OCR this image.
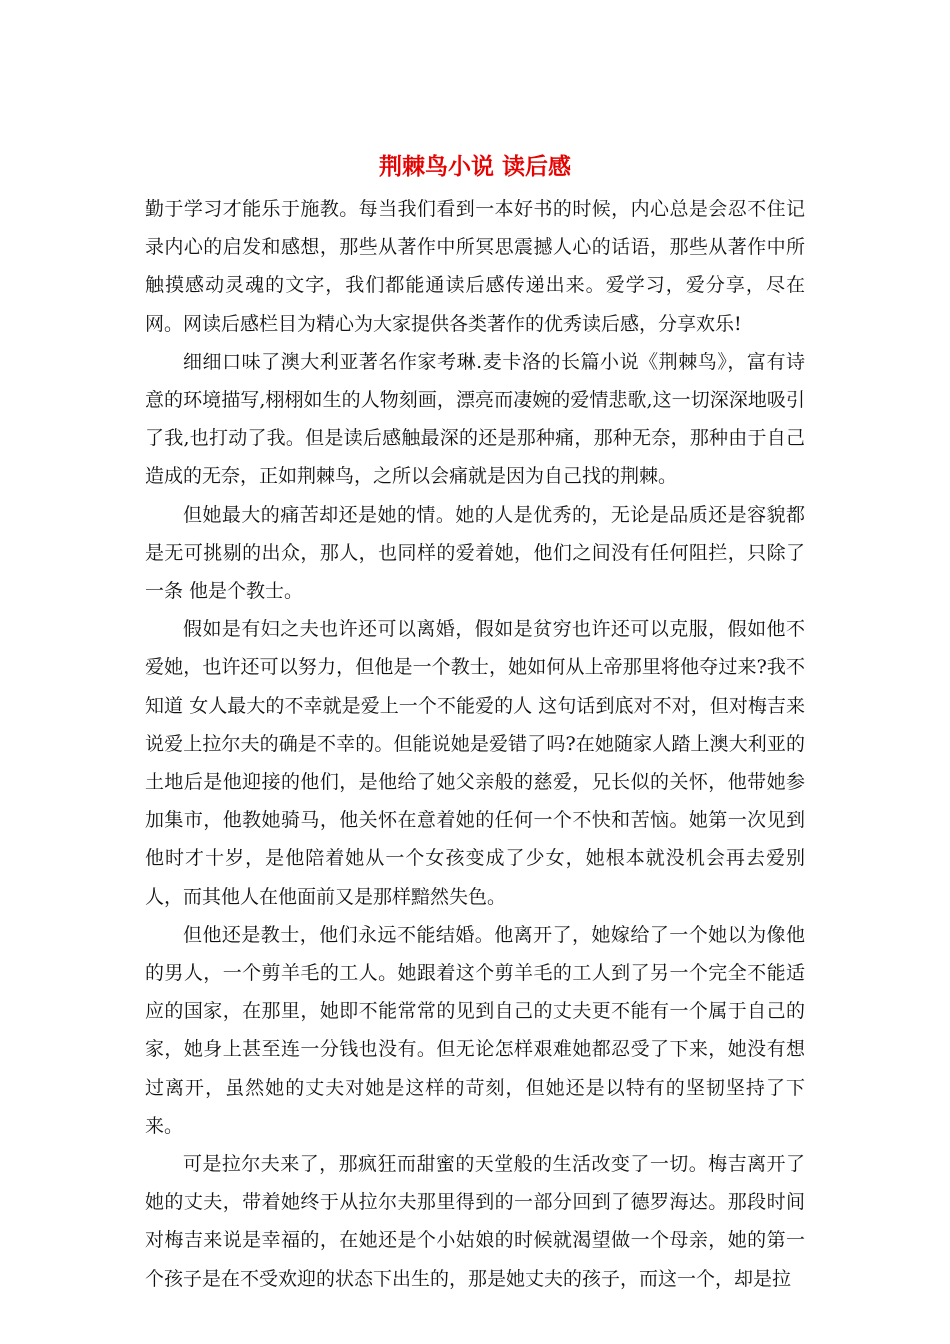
荆棘鸟小说 读后感

勤于学习才能乐于施教。每当我们看到一本好书的时候，内心总是会忍不住记录内心的启发和感想，那些从著作中所冥思震撼人心的话语，那些从著作中所触摸感动灵魂的文字，我们都能通读后感传递出来。爱学习，爱分享，尽在网。网读后感栏目为精心为大家提供各类著作的优秀读后感，分享欢乐!

细细口味了澳大利亚著名作家考琳.麦卡洛的长篇小说《荆棘鸟》，富有诗意的环境描写,栩栩如生的人物刻画，漂亮而凄婉的爱情悲歌,这一切深深地吸引了我,也打动了我。但是读后感触最深的还是那种痛，那种无奈，那种由于自己造成的无奈，正如荆棘鸟，之所以会痛就是因为自己找的荆棘。

但她最大的痛苦却还是她的情。她的人是优秀的，无论是品质还是容貌都是无可挑剔的出众，那人，也同样的爱着她，他们之间没有任何阻拦，只除了一条 他是个教士。

假如是有妇之夫也许还可以离婚，假如是贫穷也许还可以克服，假如他不爱她，也许还可以努力，但他是一个教士，她如何从上帝那里将他夺过来?我不知道 女人最大的不幸就是爱上一个不能爱的人 这句话到底对不对，但对梅吉来说爱上拉尔夫的确是不幸的。但能说她是爱错了吗?在她随家人踏上澳大利亚的土地后是他迎接的他们，是他给了她父亲般的慈爱，兄长似的关怀，他带她参加集市，他教她骑马，他关怀在意着她的任何一个不快和苦恼。她第一次见到他时才十岁，是他陪着她从一个女孩变成了少女，她根本就没机会再去爱别人，而其他人在他面前又是那样黯然失色。

但他还是教士，他们永远不能结婚。他离开了，她嫁给了一个她以为像他的男人，一个剪羊毛的工人。她跟着这个剪羊毛的工人到了另一个完全不能适应的国家，在那里，她即不能常常的见到自己的丈夫更不能有一个属于自己的家，她身上甚至连一分钱也没有。但无论怎样艰难她都忍受了下来，她没有想过离开，虽然她的丈夫对她是这样的苛刻，但她还是以特有的坚韧坚持了下来。

可是拉尔夫来了，那疯狂而甜蜜的天堂般的生活改变了一切。梅吉离开了她的丈夫，带着她终于从拉尔夫那里得到的一部分回到了德罗海达。那段时间对梅吉来说是幸福的，在她还是个小姑娘的时候就渴望做一个母亲，她的第一个孩子是在不受欢迎的状态下出生的，那是她丈夫的孩子，而这一个，却是拉
